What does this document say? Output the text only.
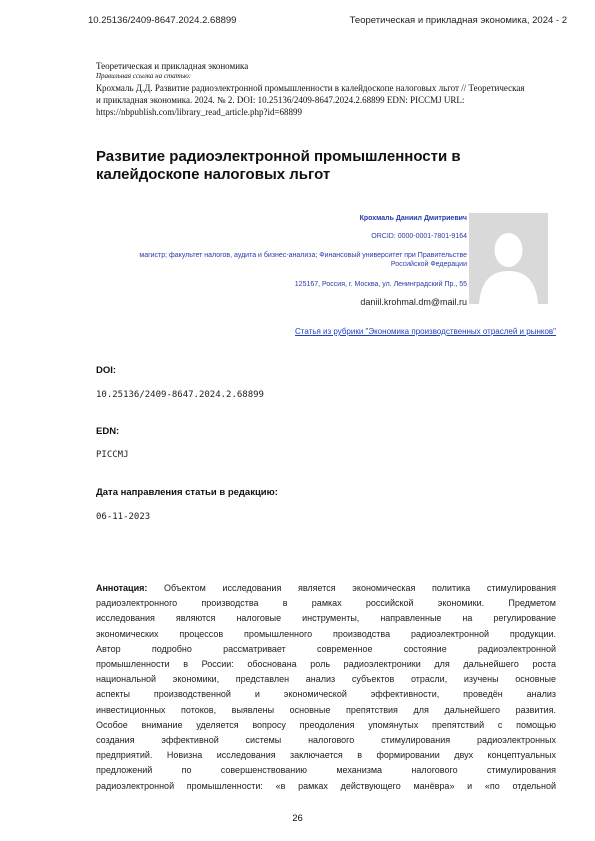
10.25136/2409-8647.2024.2.68899	Теоретическая и прикладная экономика, 2024 - 2
Теоретическая и прикладная экономика
Правильная ссылка на статью:
Крохмаль Д.Д. Развитие радиоэлектронной промышленности в калейдоскопе налоговых льгот // Теоретическая
и прикладная экономика. 2024. № 2. DOI: 10.25136/2409-8647.2024.2.68899 EDN: PICCMJ URL:
https://nbpublish.com/library_read_article.php?id=68899
Развитие радиоэлектронной промышленности в
калейдоскопе налоговых льгот
Крохмаль Даниил Дмитриевич
ORCID: 0000-0001-7801-9164
магистр; факультет налогов, аудита и бизнес-анализа; Финансовый университет при Правительстве
Российской Федерации
125167, Россия, г. Москва, ул. Ленинградский Пр., 55
daniil.krohmal.dm@mail.ru
Статья из рубрики "Экономика производственных отраслей и рынков"
DOI:
10.25136/2409-8647.2024.2.68899
EDN:
PICCMJ
Дата направления статьи в редакцию:
06-11-2023
Аннотация: Объектом исследования является экономическая политика стимулирования
радиоэлектронного производства в рамках российской экономики. Предметом
исследования являются налоговые инструменты, направленные на регулирование
экономических процессов промышленного производства радиоэлектронной продукции.
Автор подробно рассматривает современное состояние радиоэлектронной
промышленности в России: обоснована роль радиоэлектроники для дальнейшего роста
национальной экономики, представлен анализ субъектов отрасли, изучены основные
аспекты производственной и экономической эффективности, проведён анализ
инвестиционных потоков, выявлены основные препятствия для дальнейшего развития.
Особое внимание уделяется вопросу преодоления упомянутых препятствий с помощью
создания эффективной системы налогового стимулирования радиоэлектронных
предприятий. Новизна исследования заключается в формировании двух концептуальных
предложений по совершенствованию механизма налогового стимулирования
радиоэлектронной промышленности: «в рамках действующего манёвра» и «по отдельной
26
